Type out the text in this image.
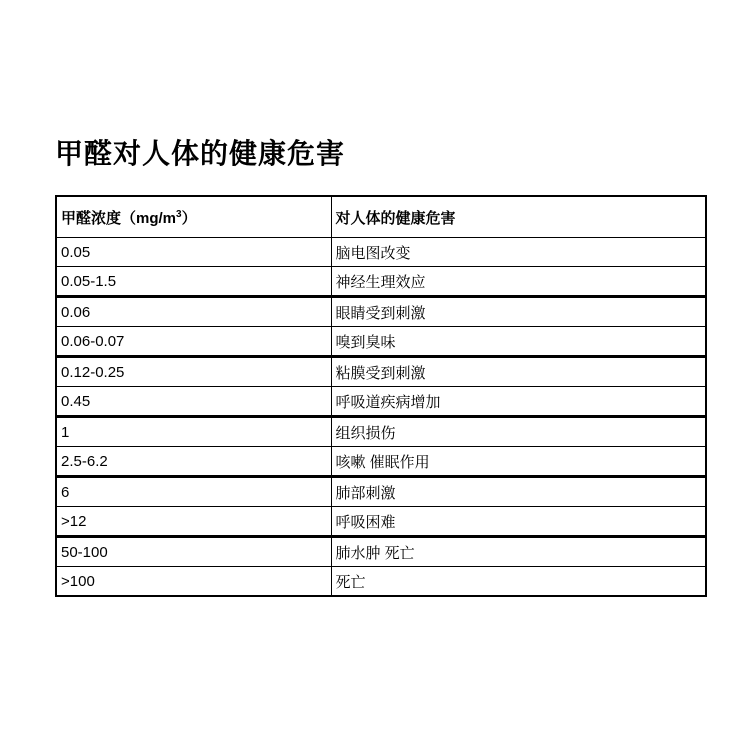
甲醛对人体的健康危害
甲醛浓度$(mg/m^3)$	对人体的健康危害
0.05	脑电图改变
0.05-1.5	神经生理效应
0.06	眼睛受到刺激
0.06-0.07	嗅到臭味
0.12-0.25	粘膜受到刺激
0.45	呼吸道疾病增加
1	组织损伤
2.5-6.2	咳嗽 催眠作用
6	肺部刺激
>12	呼吸困难
50-100	肺水肿 死亡
>100	死亡
